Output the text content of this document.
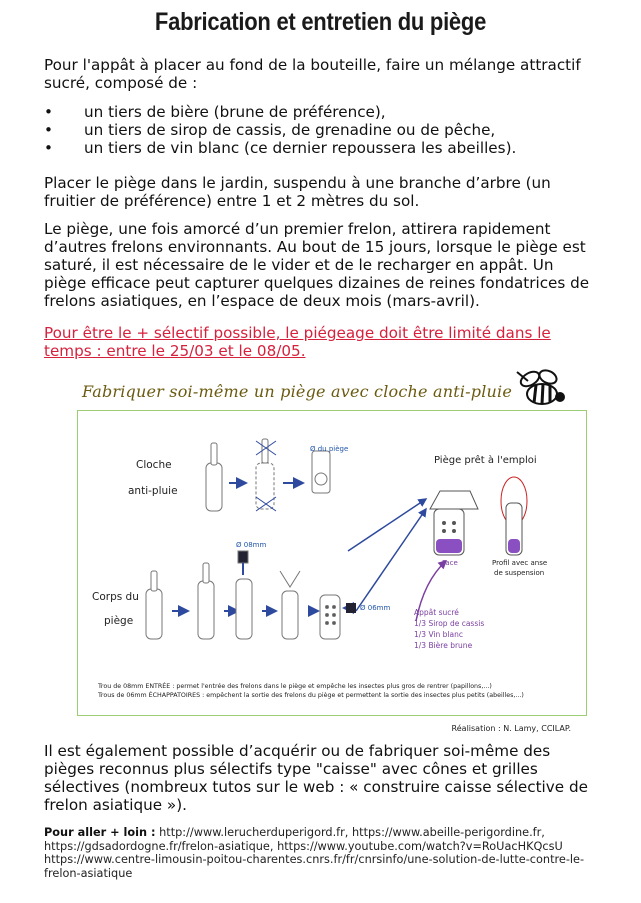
Fabrication et entretien du piège

Pour l'appât à placer au fond de la bouteille, faire un mélange attractif sucré, composé de :

•	un tiers de bière (brune de préférence),
•	un tiers de sirop de cassis, de grenadine ou de pêche,
•	un tiers de vin blanc (ce dernier repoussera les abeilles).

Placer le piège dans le jardin, suspendu à une branche d’arbre (un fruitier de préférence) entre 1 et 2 mètres du sol.

Le piège, une fois amorcé d’un premier frelon, attirera rapidement d’autres frelons environnants. Au bout de 15 jours, lorsque le piège est saturé, il est nécessaire de le vider et de le recharger en appât. Un piège efficace peut capturer quelques dizaines de reines fondatrices de frelons asiatiques, en l’espace de deux mois (mars-avril).

Pour être le + sélectif possible, le piégeage doit être limité dans le temps : entre le 25/03 et le 08/05.

Fabriquer soi-même un piège avec cloche anti-pluie
Cloche
anti-pluie
Corps du
piège
Ø du piège
Ø 08mm
Ø 06mm
Piège prêt à l'emploi
Face	Profil avec anse
de suspension
Appât sucré
1/3 Sirop de cassis
1/3 Vin blanc
1/3 Bière brune
Trou de 08mm ENTRÉE : permet l'entrée des frelons dans le piège et empêche les insectes plus gros de rentrer (papillons,...)
Trous de 06mm ÉCHAPPATOIRES : empêchent la sortie des frelons du piège et permettent la sortie des insectes plus petits (abeilles,...)
Réalisation : N. Lamy, CCILAP.

Il est également possible d’acquérir ou de fabriquer soi-même des pièges reconnus plus sélectifs type "caisse" avec cônes et grilles sélectives (nombreux tutos sur le web : « construire caisse sélective de frelon asiatique »).

Pour aller + loin : http://www.lerucherduperigord.fr, https://www.abeille-perigordine.fr, https://gdsadordogne.fr/frelon-asiatique, https://www.youtube.com/watch?v=RoUacHKQcsU https://www.centre-limousin-poitou-charentes.cnrs.fr/fr/cnrsinfo/une-solution-de-lutte-contre-le-frelon-asiatique
